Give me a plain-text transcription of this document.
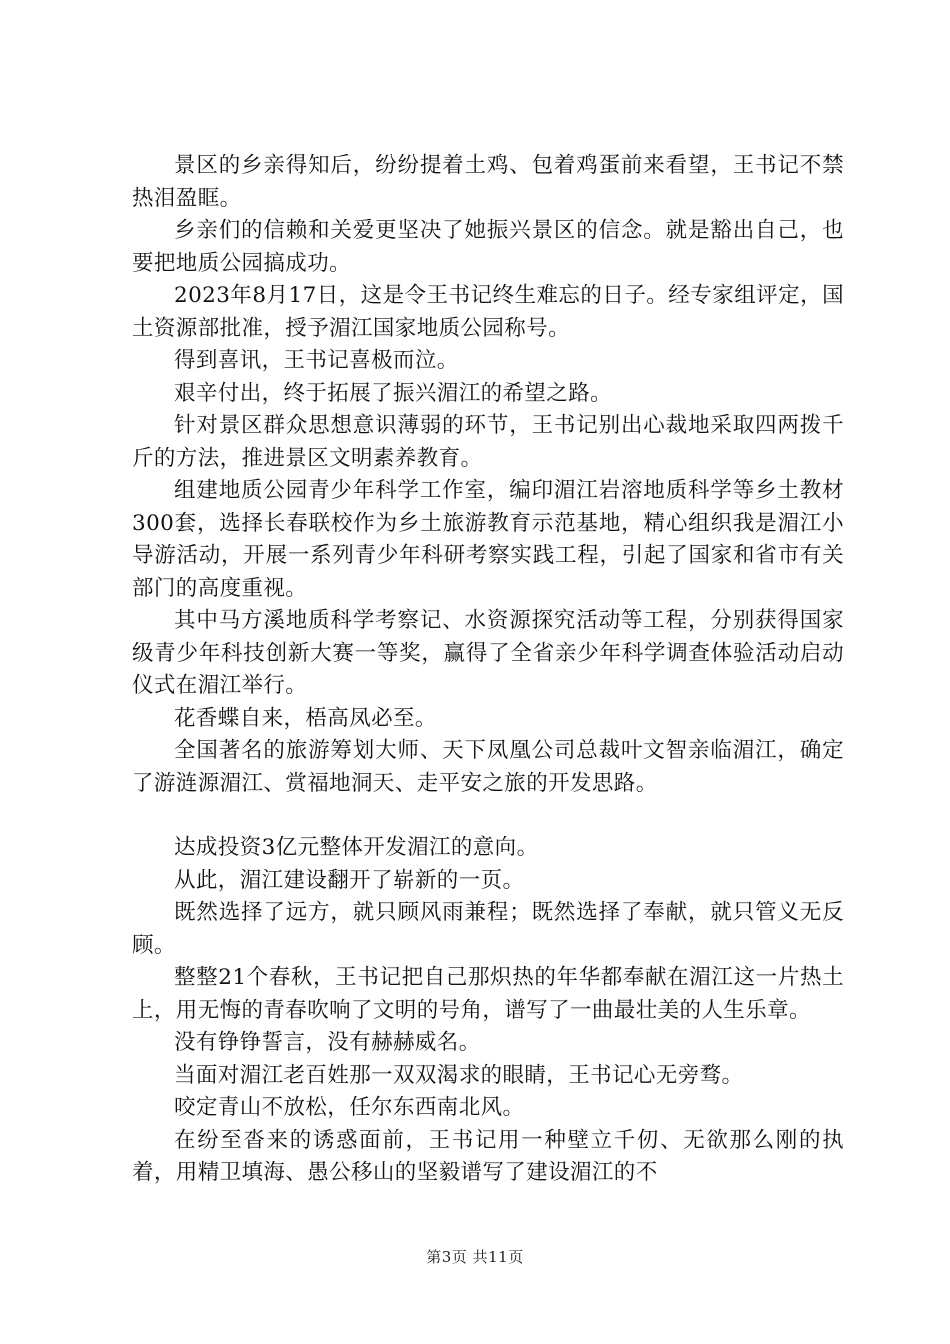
景区的乡亲得知后，纷纷提着土鸡、包着鸡蛋前来看望，王书记不禁热泪盈眶。

乡亲们的信赖和关爱更坚决了她振兴景区的信念。就是豁出自己，也要把地质公园搞成功。

2023年8月17日，这是令王书记终生难忘的日子。经专家组评定，国土资源部批准，授予湄江国家地质公园称号。

得到喜讯，王书记喜极而泣。

艰辛付出，终于拓展了振兴湄江的希望之路。

针对景区群众思想意识薄弱的环节，王书记别出心裁地采取四两拨千斤的方法，推进景区文明素养教育。

组建地质公园青少年科学工作室，编印湄江岩溶地质科学等乡土教材300套，选择长春联校作为乡土旅游教育示范基地，精心组织我是湄江小导游活动，开展一系列青少年科研考察实践工程，引起了国家和省市有关部门的高度重视。

其中马方溪地质科学考察记、水资源探究活动等工程，分别获得国家级青少年科技创新大赛一等奖，赢得了全省亲少年科学调查体验活动启动仪式在湄江举行。

花香蝶自来，梧高凤必至。

全国著名的旅游筹划大师、天下凤凰公司总裁叶文智亲临湄江，确定了游涟源湄江、赏福地洞天、走平安之旅的开发思路。

达成投资3亿元整体开发湄江的意向。

从此，湄江建设翻开了崭新的一页。

既然选择了远方，就只顾风雨兼程；既然选择了奉献，就只管义无反顾。

整整21个春秋，王书记把自己那炽热的年华都奉献在湄江这一片热土上，用无悔的青春吹响了文明的号角，谱写了一曲最壮美的人生乐章。

没有铮铮誓言，没有赫赫威名。

当面对湄江老百姓那一双双渴求的眼睛，王书记心无旁骛。

咬定青山不放松，任尔东西南北风。

在纷至沓来的诱惑面前，王书记用一种壁立千仞、无欲那么刚的执着，用精卫填海、愚公移山的坚毅谱写了建设湄江的不

第3页 共11页
